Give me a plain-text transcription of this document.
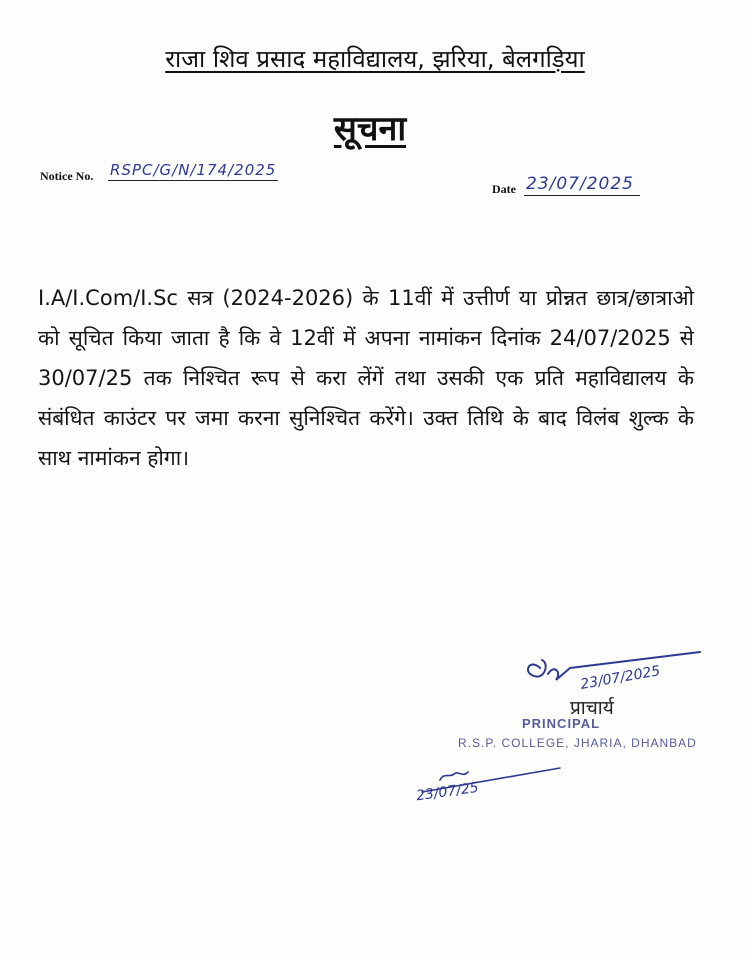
राजा शिव प्रसाद महाविद्यालय, झरिया, बेलगड़िया
सूचना
Notice No. RSPC/G/N/174/2025
Date 23/07/2025
I.A/I.Com/I.Sc सत्र (2024-2026) के 11वीं में उत्तीर्ण या प्रोन्नत छात्र/छात्राओ को सूचित किया जाता है कि वे 12वीं में अपना नामांकन दिनांक 24/07/2025 से 30/07/25 तक निश्चित रूप से करा लेंगें तथा उसकी एक प्रति महाविद्यालय के संबंधित काउंटर पर जमा करना सुनिश्चित करेंगे। उक्त तिथि के बाद विलंब शुल्क के साथ नामांकन होगा।
23/07/2025
प्राचार्य
PRINCIPAL
R.S.P. COLLEGE, JHARIA, DHANBAD
23/07/25
